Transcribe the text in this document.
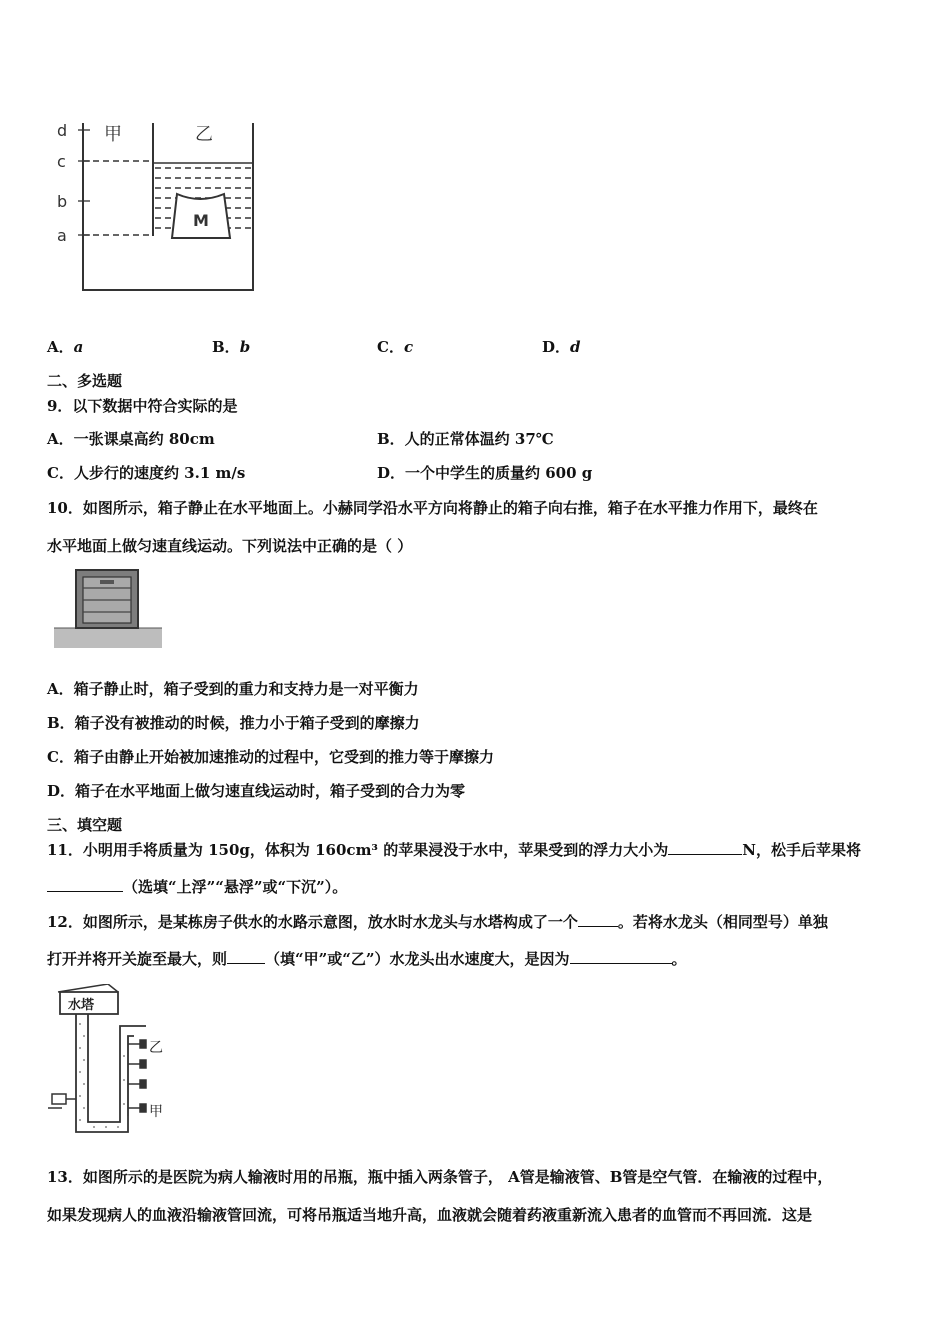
M
d
c
b
a
甲	乙
A．a	B．b	C．c	D．d
二、多选题
9．以下数据中符合实际的是
A．一张课桌高约 80cm	B．人的正常体温约 37℃
C．人步行的速度约 3.1 m/s	D．一个中学生的质量约 600 g
10．如图所示，箱子静止在水平地面上。小赫同学沿水平方向将静止的箱子向右推，箱子在水平推力作用下，最终在
水平地面上做匀速直线运动。下列说法中正确的是（ ）
A．箱子静止时，箱子受到的重力和支持力是一对平衡力
B．箱子没有被推动的时候，推力小于箱子受到的摩擦力
C．箱子由静止开始被加速推动的过程中，它受到的推力等于摩擦力
D．箱子在水平地面上做匀速直线运动时，箱子受到的合力为零
三、填空题
11．小明用手将质量为 150g，体积为 160cm³ 的苹果浸没于水中，苹果受到的浮力大小为	N，松手后苹果将
（选填“上浮”“悬浮”或“下沉”）。
12．如图所示，是某栋房子供水的水路示意图，放水时水龙头与水塔构成了一个	。若将水龙头（相同型号）单独
打开并将开关旋至最大，则	（填“甲”或“乙”）水龙头出水速度大，是因为	。
水塔
乙
甲
13．如图所示的是医院为病人输液时用的吊瓶，瓶中插入两条管子， A管是输液管、B管是空气管．在输液的过程中，
如果发现病人的血液沿输液管回流，可将吊瓶适当地升高，血液就会随着药液重新流入患者的血管而不再回流．这是
